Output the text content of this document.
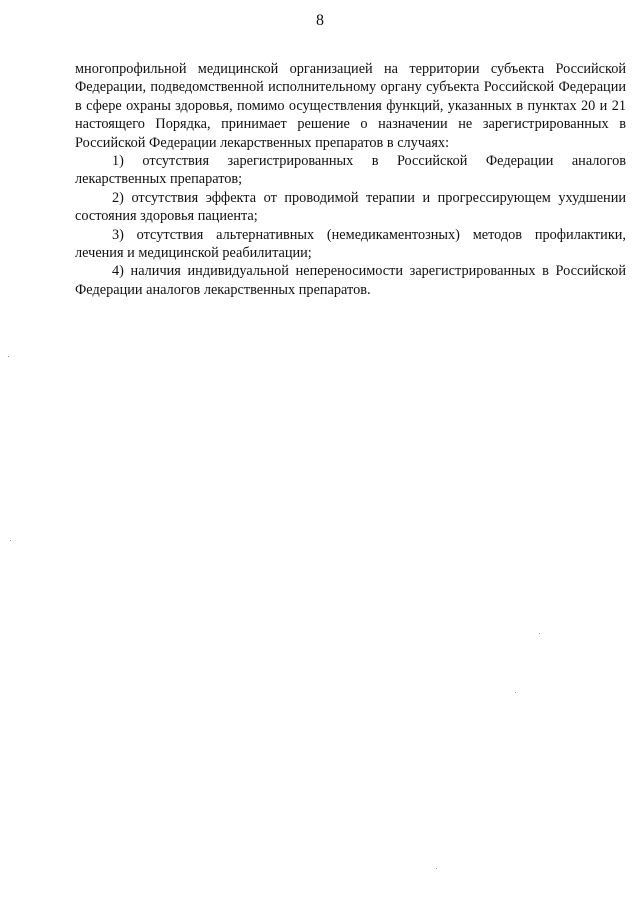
8

многопрофильной медицинской организацией на территории субъекта Российской Федерации, подведомственной исполнительному органу субъекта Российской Федерации в сфере охраны здоровья, помимо осуществления функций, указанных в пунктах 20 и 21 настоящего Порядка, принимает решение о назначении не зарегистрированных в Российской Федерации лекарственных препаратов в случаях:

1) отсутствия зарегистрированных в Российской Федерации аналогов лекарственных препаратов;

2) отсутствия эффекта от проводимой терапии и прогрессирующем ухудшении состояния здоровья пациента;

3) отсутствия альтернативных (немедикаментозных) методов профилактики, лечения и медицинской реабилитации;

4) наличия индивидуальной непереносимости зарегистрированных в Российской Федерации аналогов лекарственных препаратов.
